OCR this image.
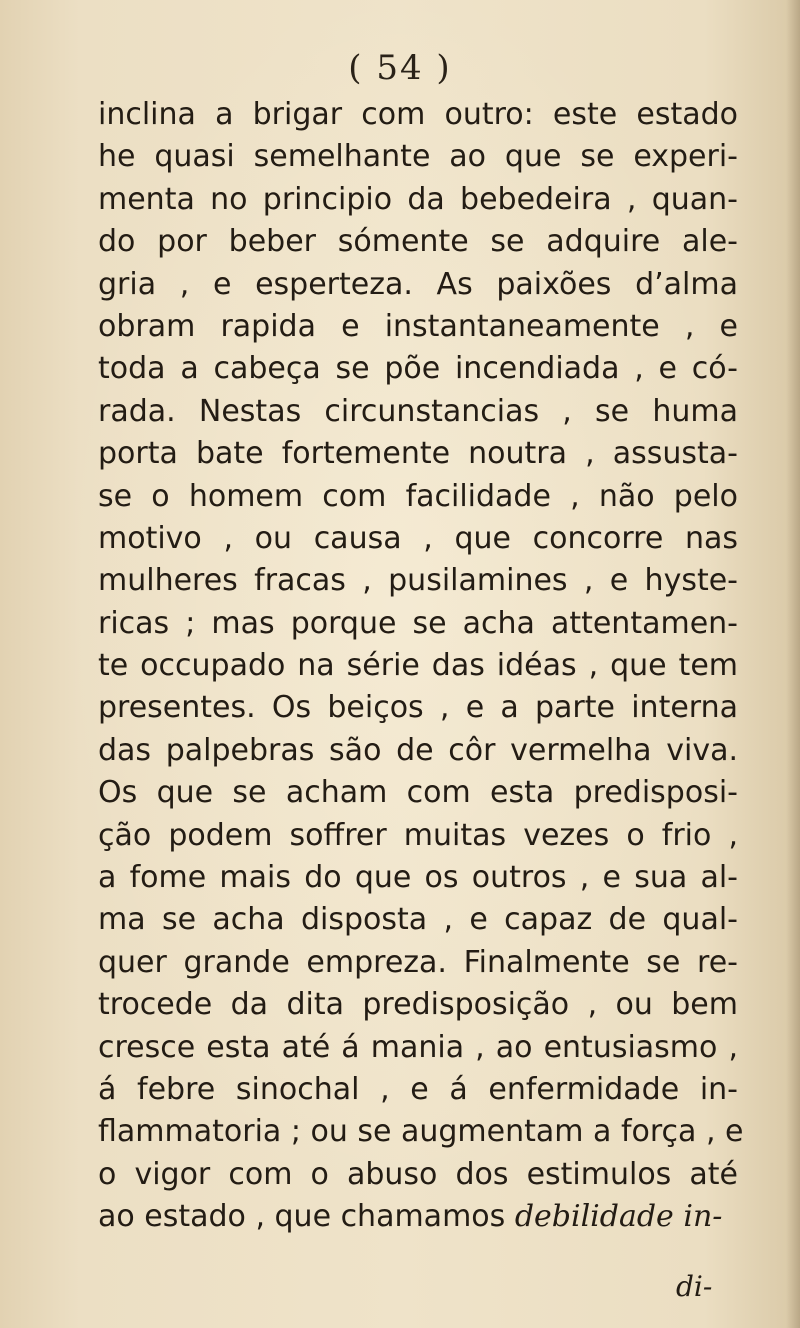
( 54 )
inclina a brigar com outro: este estado
he quasi semelhante ao que se experi-
menta no principio da bebedeira , quan-
do por beber sómente se adquire ale-
gria , e esperteza. As paixões d’alma
obram rapida e instantaneamente , e
toda a cabeça se põe incendiada , e có-
rada. Nestas circunstancias , se huma
porta bate fortemente noutra , assusta-
se o homem com facilidade , não pelo
motivo , ou causa , que concorre nas
mulheres fracas , pusilamines , e hyste-
ricas ; mas porque se acha attentamen-
te occupado na série das idéas , que tem
presentes. Os beiços , e a parte interna
das palpebras são de côr vermelha viva.
Os que se acham com esta predisposi-
ção podem soffrer muitas vezes o frio ,
a fome mais do que os outros , e sua al-
ma se acha disposta , e capaz de qual-
quer grande empreza. Finalmente se re-
trocede da dita predisposição , ou bem
cresce esta até á mania , ao entusiasmo ,
á febre sinochal , e á enfermidade in-
flammatoria ; ou se augmentam a força , e
o vigor com o abuso dos estimulos até
ao estado , que chamamos debilidade in-
di-
